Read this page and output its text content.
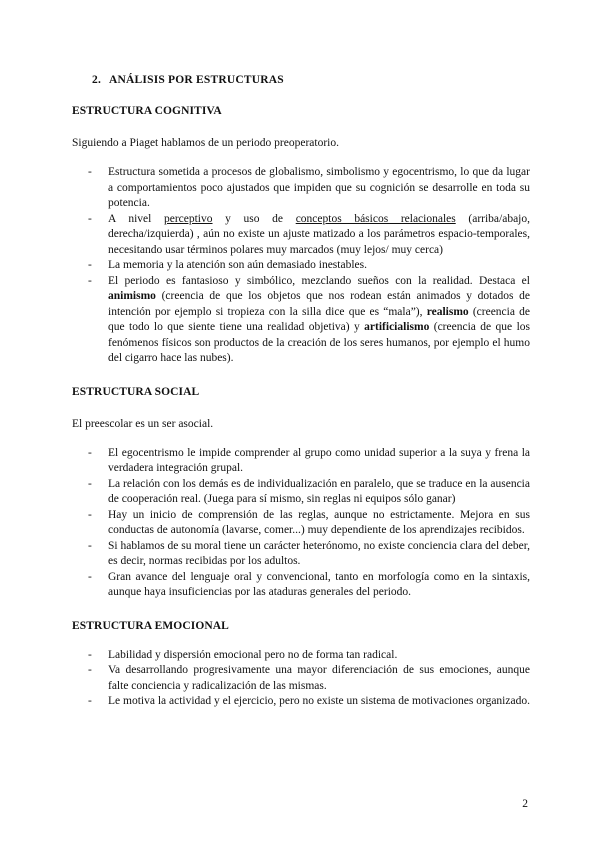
2. ANÁLISIS POR ESTRUCTURAS
ESTRUCTURA COGNITIVA

Siguiendo a Piaget hablamos de un periodo preoperatorio.

- Estructura sometida a procesos de globalismo, simbolismo y egocentrismo, lo que da lugar a comportamientos poco ajustados que impiden que su cognición se desarrolle en toda su potencia.
- A nivel perceptivo y uso de conceptos básicos relacionales (arriba/abajo, derecha/izquierda) , aún no existe un ajuste matizado a los parámetros espacio-temporales, necesitando usar términos polares muy marcados (muy lejos/ muy cerca)
- La memoria y la atención son aún demasiado inestables.
- El periodo es fantasioso y simbólico, mezclando sueños con la realidad. Destaca el animismo (creencia de que los objetos que nos rodean están animados y dotados de intención por ejemplo si tropieza con la silla dice que es “mala”), realismo (creencia de que todo lo que siente tiene una realidad objetiva) y artificialismo (creencia de que los fenómenos físicos son productos de la creación de los seres humanos, por ejemplo el humo del cigarro hace las nubes).
ESTRUCTURA SOCIAL

El preescolar es un ser asocial.

- El egocentrismo le impide comprender al grupo como unidad superior a la suya y frena la verdadera integración grupal.
- La relación con los demás es de individualización en paralelo, que se traduce en la ausencia de cooperación real. (Juega para sí mismo, sin reglas ni equipos sólo ganar)
- Hay un inicio de comprensión de las reglas, aunque no estrictamente. Mejora en sus conductas de autonomía (lavarse, comer...) muy dependiente de los aprendizajes recibidos.
- Si hablamos de su moral tiene un carácter heterónomo, no existe conciencia clara del deber, es decir, normas recibidas por los adultos.
- Gran avance del lenguaje oral y convencional, tanto en morfología como en la sintaxis, aunque haya insuficiencias por las ataduras generales del periodo.
ESTRUCTURA EMOCIONAL
- Labilidad y dispersión emocional pero no de forma tan radical.
- Va desarrollando progresivamente una mayor diferenciación de sus emociones, aunque falte conciencia y radicalización de las mismas.
- Le motiva la actividad y el ejercicio, pero no existe un sistema de motivaciones organizado.
2
